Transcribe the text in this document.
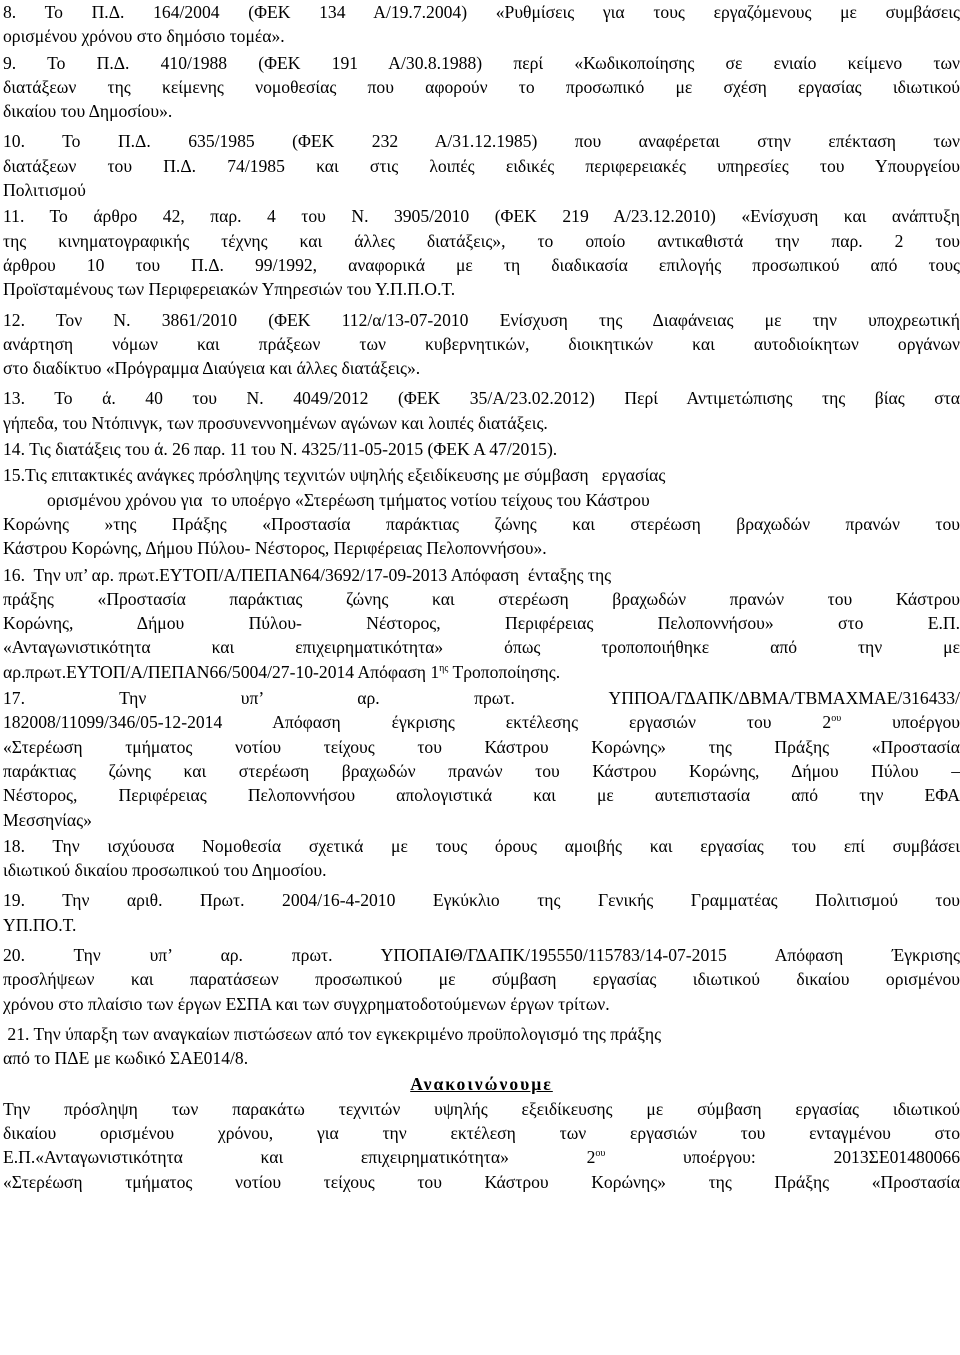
8. Το Π.Δ. 164/2004 (ΦΕΚ 134 Α/19.7.2004) «Ρυθμίσεις για τους εργαζόμενους με συμβάσεις
ορισμένου χρόνου στο δημόσιο τομέα».
9. Το Π.Δ. 410/1988 (ΦΕΚ 191 Α/30.8.1988) περί «Κωδικοποίησης σε ενιαίο κείμενο των
διατάξεων της κείμενης νομοθεσίας που αφορούν το προσωπικό με σχέση εργασίας ιδιωτικού
δικαίου του Δημοσίου».
10. Το Π.Δ. 635/1985 (ΦΕΚ 232 Α/31.12.1985) που αναφέρεται στην επέκταση των
διατάξεων του Π.Δ. 74/1985 και στις λοιπές ειδικές περιφερειακές υπηρεσίες του Υπουργείου
Πολιτισμού
11. Το άρθρο 42, παρ. 4 του Ν. 3905/2010 (ΦΕΚ 219 Α/23.12.2010) «Ενίσχυση και ανάπτυξη
της κινηματογραφικής τέχνης και άλλες διατάξεις», το οποίο αντικαθιστά την παρ. 2 του
άρθρου 10 του Π.Δ. 99/1992, αναφορικά με τη διαδικασία επιλογής προσωπικού από τους
Προϊσταμένους των Περιφερειακών Υπηρεσιών του Υ.Π.Π.Ο.Τ.
12. Τον Ν. 3861/2010 (ΦΕΚ 112/α/13-07-2010 Ενίσχυση της Διαφάνειας με την υποχρεωτική
ανάρτηση νόμων και πράξεων των κυβερνητικών, διοικητικών και αυτοδιοίκητων οργάνων
στο διαδίκτυο «Πρόγραμμα Διαύγεια και άλλες διατάξεις».
13. Το ά. 40 του Ν. 4049/2012 (ΦΕΚ 35/Α/23.02.2012) Περί Αντιμετώπισης της βίας στα
γήπεδα, του Ντόπινγκ, των προσυνεννοημένων αγώνων και λοιπές διατάξεις.
14. Τις διατάξεις του ά. 26 παρ. 11 του Ν. 4325/11-05-2015 (ΦΕΚ Α 47/2015).
15.Τις επιτακτικές ανάγκες πρόσληψης τεχνιτών υψηλής εξειδίκευσης με σύμβαση   εργασίας
ορισμένου χρόνου για  το υποέργο «Στερέωση τμήματος νοτίου τείχους του Κάστρου
Κορώνης »της Πράξης «Προστασία παράκτιας ζώνης και στερέωση βραχωδών πρανών του
Κάστρου Κορώνης, Δήμου Πύλου- Νέστορος, Περιφέρειας Πελοποννήσου».
16.  Την υπ’ αρ. πρωτ.ΕΥΤΟΠ/Α/ΠΕΠΑΝ64/3692/17-09-2013 Απόφαση  ένταξης της
πράξης «Προστασία παράκτιας ζώνης και στερέωση βραχωδών πρανών του Κάστρου
Κορώνης, Δήμου Πύλου- Νέστορος, Περιφέρειας Πελοποννήσου» στο Ε.Π.
«Ανταγωνιστικότητα και επιχειρηματικότητα» όπως τροποποιήθηκε από την με
αρ.πρωτ.ΕΥΤΟΠ/Α/ΠΕΠΑΝ66/5004/27-10-2014 Απόφαση $1^{\eta\varsigma}$ Τροποποίησης.
17. Την υπ’ αρ. πρωτ. ΥΠΠΟΑ/ΓΔΑΠΚ/ΔΒΜΑ/ΤΒΜΑΧΜΑΕ/316433/
182008/11099/346/05-12-2014 Απόφαση έγκρισης εκτέλεσης εργασιών του $2^{o\upsilon}$ υποέργου
«Στερέωση τμήματος νοτίου τείχους του Κάστρου Κορώνης» της Πράξης «Προστασία
παράκτιας ζώνης και στερέωση βραχωδών πρανών του Κάστρου Κορώνης, Δήμου Πύλου –
Νέστορος, Περιφέρειας Πελοποννήσου απολογιστικά και με αυτεπιστασία από την ΕΦΑ
Μεσσηνίας»
18. Την ισχύουσα Νομοθεσία σχετικά με τους όρους αμοιβής και εργασίας του επί συμβάσει
ιδιωτικού δικαίου προσωπικού του Δημοσίου.
19. Την αριθ. Πρωτ. 2004/16-4-2010 Εγκύκλιο της Γενικής Γραμματέας Πολιτισμού του
ΥΠ.ΠΟ.Τ.
20. Την υπ’ αρ. πρωτ. ΥΠΟΠΑΙΘ/ΓΔΑΠΚ/195550/115783/14-07-2015 Απόφαση Έγκρισης
προσλήψεων και παρατάσεων προσωπικού με σύμβαση εργασίας ιδιωτικού δικαίου ορισμένου
χρόνου στο πλαίσιο των έργων ΕΣΠΑ και των συγχρηματοδοτούμενων έργων τρίτων.
21. Την ύπαρξη των αναγκαίων πιστώσεων από τον εγκεκριμένο προϋπολογισμό της πράξης
από το ΠΔΕ με κωδικό ΣΑΕ014/8.
Ανακοινώνουμε
Την πρόσληψη των παρακάτω τεχνιτών υψηλής εξειδίκευσης με σύμβαση εργασίας ιδιωτικού
δικαίου ορισμένου χρόνου, για την εκτέλεση των εργασιών του ενταγμένου στο
Ε.Π.«Ανταγωνιστικότητα και επιχειρηματικότητα» $2^{o\upsilon}$ υποέργου: 2013ΣΕ01480066
«Στερέωση τμήματος νοτίου τείχους του Κάστρου Κορώνης» της Πράξης «Προστασία
